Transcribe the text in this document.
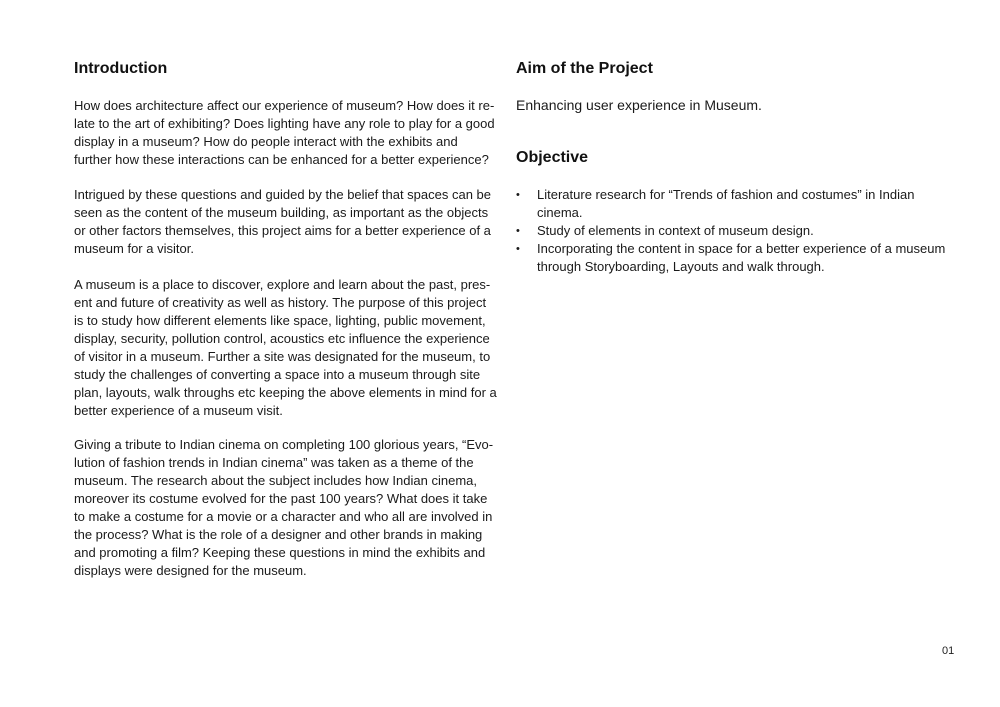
Introduction

How does architecture affect our experience of museum? How does it re-
late to the art of exhibiting? Does lighting have any role to play for a good
display in a museum? How do people interact with the exhibits and
further how these interactions can be enhanced for a better experience?

Intrigued by these questions and guided by the belief that spaces can be
seen as the content of the museum building, as important as the objects
or other factors themselves, this project aims for a better experience of a
museum for a visitor.

A museum is a place to discover, explore and learn about the past, pres-
ent and future of creativity as well as history. The purpose of this project
is to study how different elements like space, lighting, public movement,
display, security, pollution control, acoustics etc influence the experience
of visitor in a museum. Further a site was designated for the museum, to
study the challenges of converting a space into a museum through site
plan, layouts, walk throughs etc keeping the above elements in mind for a
better experience of a museum visit.

Giving a tribute to Indian cinema on completing 100 glorious years, “Evo-
lution of fashion trends in Indian cinema” was taken as a theme of the
museum. The research about the subject includes how Indian cinema,
moreover its costume evolved for the past 100 years? What does it take
to make a costume for a movie or a character and who all are involved in
the process? What is the role of a designer and other brands in making
and promoting a film? Keeping these questions in mind the exhibits and
displays were designed for the museum.

Aim of the Project

Enhancing user experience in Museum.

Objective
• Literature research for “Trends of fashion and costumes” in Indian
cinema.
• Study of elements in context of museum design.
• Incorporating the content in space for a better experience of a museum
through Storyboarding, Layouts and walk through.
01
